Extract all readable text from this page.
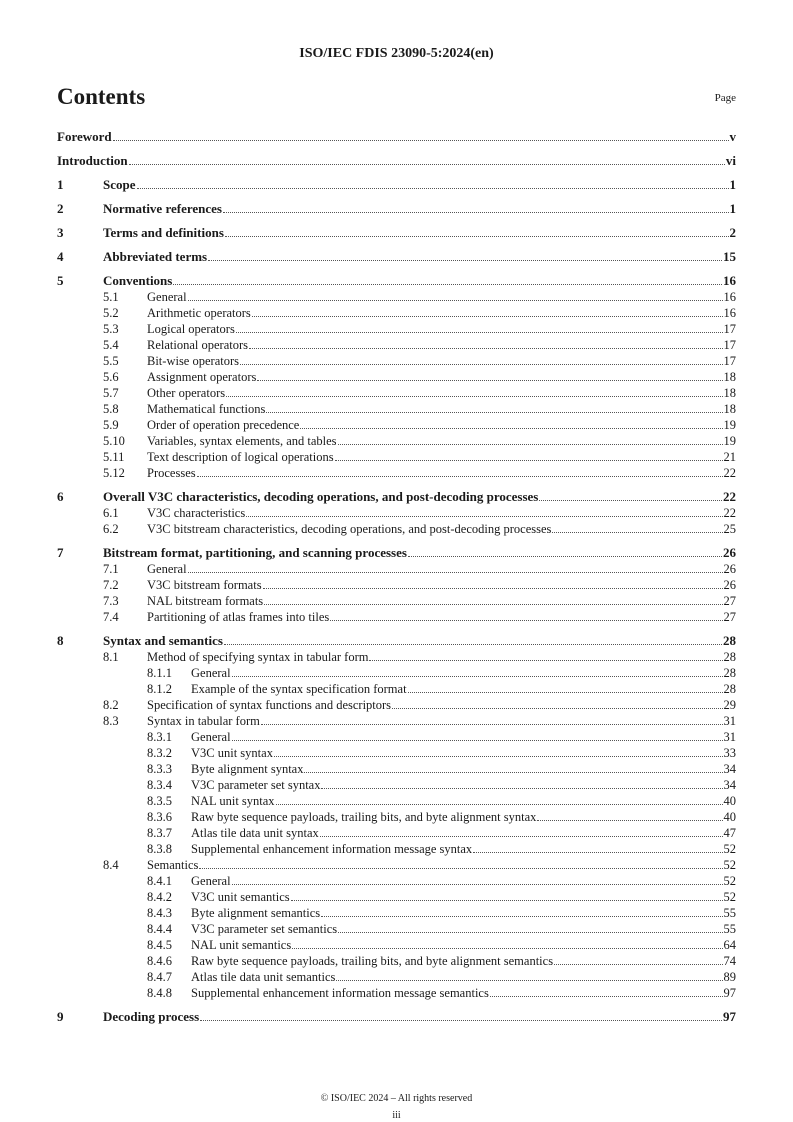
ISO/IEC FDIS 23090-5:2024(en)
Contents	Page
Foreword	v
Introduction	vi
1	Scope	1
2	Normative references	1
3	Terms and definitions	2
4	Abbreviated terms	15
5	Conventions	16
5.1	General	16
5.2	Arithmetic operators	16
5.3	Logical operators	17
5.4	Relational operators	17
5.5	Bit-wise operators	17
5.6	Assignment operators	18
5.7	Other operators	18
5.8	Mathematical functions	18
5.9	Order of operation precedence	19
5.10	Variables, syntax elements, and tables	19
5.11	Text description of logical operations	21
5.12	Processes	22
6	Overall V3C characteristics, decoding operations, and post-decoding processes	22
6.1	V3C characteristics	22
6.2	V3C bitstream characteristics, decoding operations, and post-decoding processes	25
7	Bitstream format, partitioning, and scanning processes	26
7.1	General	26
7.2	V3C bitstream formats	26
7.3	NAL bitstream formats	27
7.4	Partitioning of atlas frames into tiles	27
8	Syntax and semantics	28
8.1	Method of specifying syntax in tabular form	28
8.1.1	General	28
8.1.2	Example of the syntax specification format	28
8.2	Specification of syntax functions and descriptors	29
8.3	Syntax in tabular form	31
8.3.1	General	31
8.3.2	V3C unit syntax	33
8.3.3	Byte alignment syntax	34
8.3.4	V3C parameter set syntax	34
8.3.5	NAL unit syntax	40
8.3.6	Raw byte sequence payloads, trailing bits, and byte alignment syntax	40
8.3.7	Atlas tile data unit syntax	47
8.3.8	Supplemental enhancement information message syntax	52
8.4	Semantics	52
8.4.1	General	52
8.4.2	V3C unit semantics	52
8.4.3	Byte alignment semantics	55
8.4.4	V3C parameter set semantics	55
8.4.5	NAL unit semantics	64
8.4.6	Raw byte sequence payloads, trailing bits, and byte alignment semantics	74
8.4.7	Atlas tile data unit semantics	89
8.4.8	Supplemental enhancement information message semantics	97
9	Decoding process	97
© ISO/IEC 2024 – All rights reserved
iii
